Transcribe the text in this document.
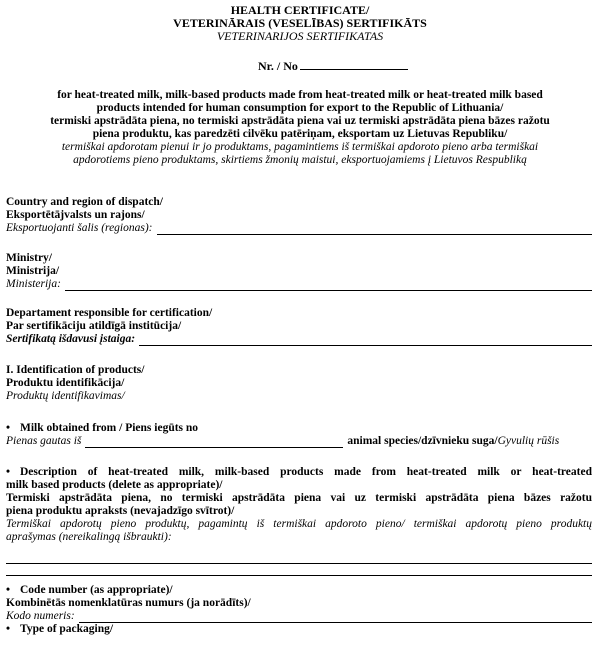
HEALTH CERTIFICATE/
VETERINĀRAIS (VESELĪBAS) SERTIFIKĀTS
VETERINARIJOS SERTIFIKATAS
Nr. / No
for heat-treated milk, milk-based products made from heat-treated milk or heat-treated milk based
products intended for human consumption for export to the Republic of Lithuania/
termiski apstrādāta piena, no termiski apstrādāta piena vai uz termiski apstrādāta piena bāzes ražotu
piena produktu, kas paredzēti cilvēku patēriņam, eksportam uz Lietuvas Republiku/
termiškai apdorotam pienui ir jo produktams, pagamintiems iš termiškai apdoroto pieno arba termiškai
apdorotiems pieno produktams, skirtiems žmonių maistui, eksportuojamiems į Lietuvos Respubliką
Country and region of dispatch/
Eksportētājvalsts un rajons/
Eksportuojanti šalis (regionas):
Ministry/
Ministrija/
Ministerija:
Departament responsible for certification/
Par sertifikāciju atildīgā institūcija/
Sertifikatą išdavusi įstaiga:
I. Identification of products/
Produktu identifikācija/
Produktų identifikavimas/
• Milk obtained from / Piens iegūts no
Pienas gautas iš	animal species/dzīvnieku suga/ Gyvulių rūšis
• Description of heat-treated milk, milk-based products made from heat-treated milk or heat-treated
milk based products (delete as appropriate)/
Termiski apstrādāta piena, no termiski apstrādāta piena vai uz termiski apstrādāta piena bāzes ražotu
piena produktu apraksts (nevajadzīgo svītrot)/
Termiškai apdorotų pieno produktų, pagamintų iš termiškai apdoroto pieno/ termiškai apdorotų pieno produktų
aprašymas (nereikalingą išbraukti):
• Code number (as appropriate)/
Kombinētās nomenklatūras numurs (ja norādīts)/
Kodo numeris:
• Type of packaging/
